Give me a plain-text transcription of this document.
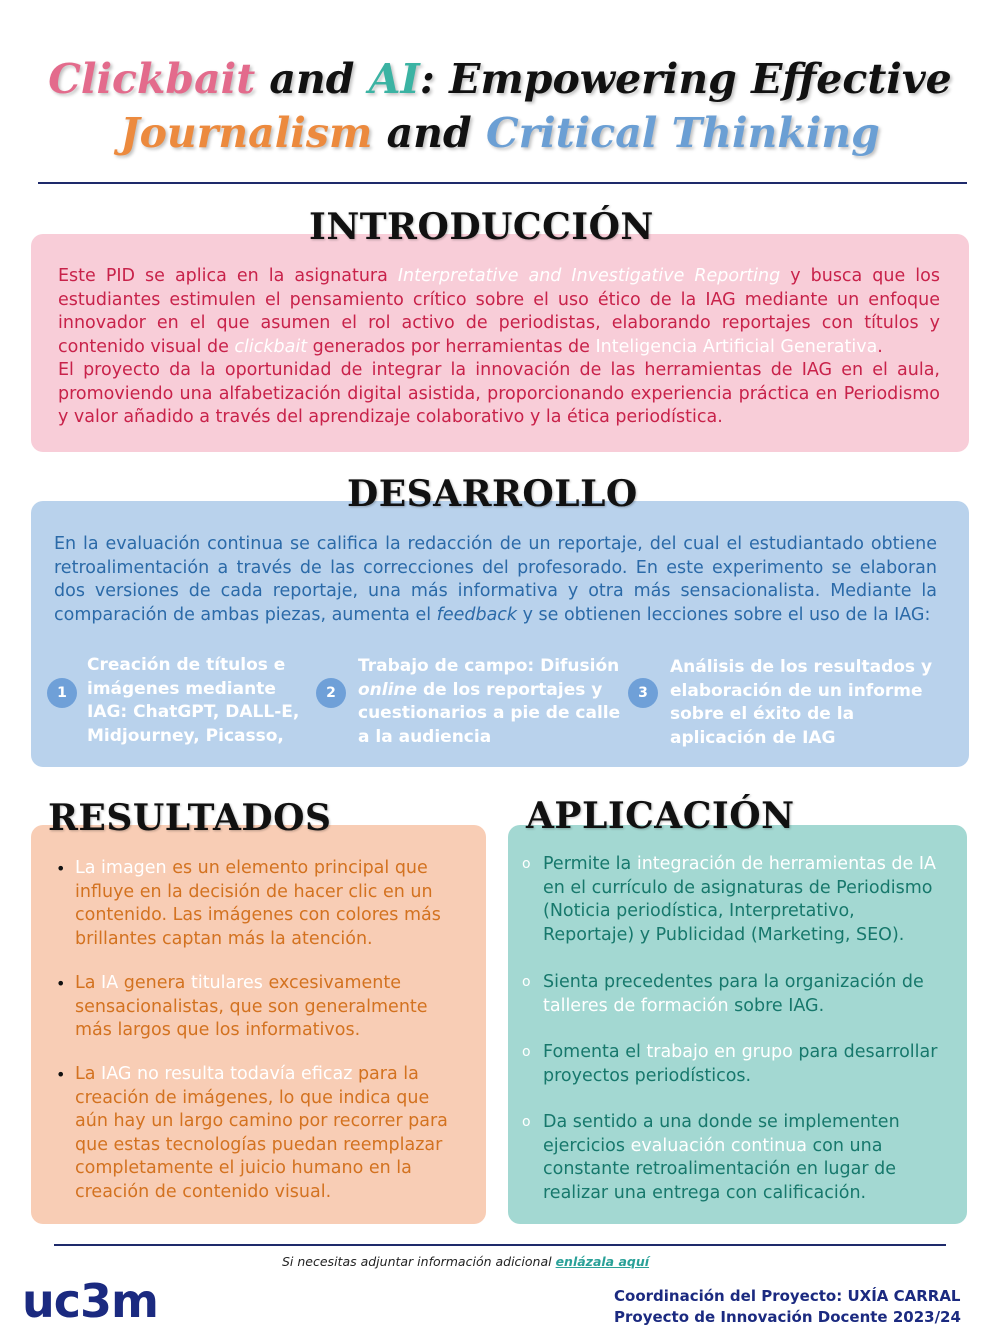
Clickbait and AI: Empowering Effective
Journalism and Critical Thinking
INTRODUCCIÓN
Este PID se aplica en la asignatura Interpretative and Investigative Reporting y busca que los estudiantes estimulen el pensamiento crítico sobre el uso ético de la IAG mediante un enfoque innovador en el que asumen el rol activo de periodistas, elaborando reportajes con títulos y contenido visual de clickbait generados por herramientas de Inteligencia Artificial Generativa.
El proyecto da la oportunidad de integrar la innovación de las herramientas de IAG en el aula, promoviendo una alfabetización digital asistida, proporcionando experiencia práctica en Periodismo y valor añadido a través del aprendizaje colaborativo y la ética periodística.
DESARROLLO
En la evaluación continua se califica la redacción de un reportaje, del cual el estudiantado obtiene retroalimentación a través de las correcciones del profesorado. En este experimento se elaboran dos versiones de cada reportaje, una más informativa y otra más sensacionalista. Mediante la comparación de ambas piezas, aumenta el feedback y se obtienen lecciones sobre el uso de la IAG:
1
Creación de títulos e imágenes mediante IAG: ChatGPT, DALL-E, Midjourney, Picasso,
2
Trabajo de campo: Difusión online de los reportajes y cuestionarios a pie de calle a la audiencia
3
Análisis de los resultados y elaboración de un informe sobre el éxito de la aplicación de IAG
RESULTADOS
• La imagen es un elemento principal que influye en la decisión de hacer clic en un contenido. Las imágenes con colores más brillantes captan más la atención.
• La IA genera titulares excesivamente sensacionalistas, que son generalmente más largos que los informativos.
• La IAG no resulta todavía eficaz para la creación de imágenes, lo que indica que aún hay un largo camino por recorrer para que estas tecnologías puedan reemplazar completamente el juicio humano en la creación de contenido visual.
APLICACIÓN
o Permite la integración de herramientas de IA en el currículo de asignaturas de Periodismo (Noticia periodística, Interpretativo, Reportaje) y Publicidad (Marketing, SEO).
o Sienta precedentes para la organización de talleres de formación sobre IAG.
o Fomenta el trabajo en grupo para desarrollar proyectos periodísticos.
o Da sentido a una donde se implementen ejercicios evaluación continua con una constante retroalimentación en lugar de realizar una entrega con calificación.
Si necesitas adjuntar información adicional enlázala aquí
uc3m	Coordinación del Proyecto: UXÍA CARRAL
Proyecto de Innovación Docente 2023/24
